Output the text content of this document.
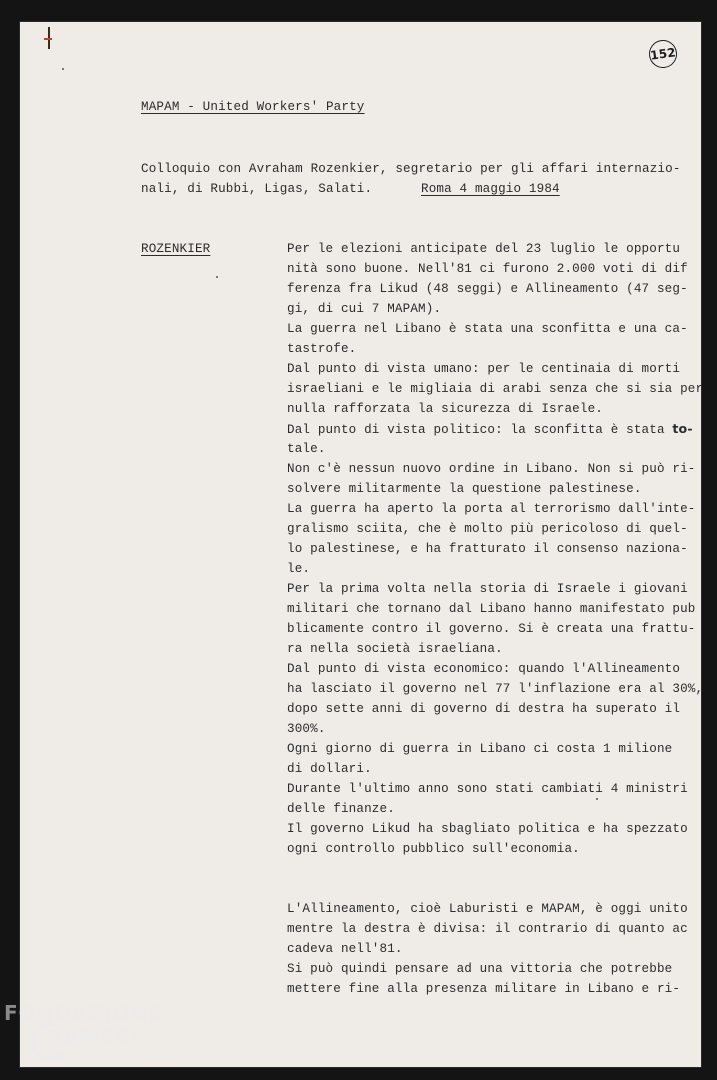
152
MAPAM - United Workers' Party
Colloquio con Avraham Rozenkier, segretario per gli affari internazio-
nali, di Rubbi, Ligas, Salati.	Roma 4 maggio 1984
ROZENKIER	Per le elezioni anticipate del 23 luglio le opportu
nità sono buone. Nell'81 ci furono 2.000 voti di dif
ferenza fra Likud (48 seggi) e Allineamento (47 seg-
gi, di cui 7 MAPAM).
La guerra nel Libano è stata una sconfitta e una ca-
tastrofe.
Dal punto di vista umano: per le centinaia di morti
israeliani e le migliaia di arabi senza che si sia per
nulla rafforzata la sicurezza di Israele.
Dal punto di vista politico: la sconfitta è stata to-
tale.
Non c'è nessun nuovo ordine in Libano. Non si può ri-
solvere militarmente la questione palestinese.
La guerra ha aperto la porta al terrorismo dall'inte-
gralismo sciita, che è molto più pericoloso di quel-
lo palestinese, e ha fratturato il consenso naziona-
le.
Per la prima volta nella storia di Israele i giovani
militari che tornano dal Libano hanno manifestato pub
blicamente contro il governo. Si è creata una frattu-
ra nella società israeliana.
Dal punto di vista economico: quando l'Allineamento
ha lasciato il governo nel 77 l'inflazione era al 30%,
dopo sette anni di governo di destra ha superato il
300%.
Ogni giorno di guerra in Libano ci costa 1 milione
di dollari.
Durante l'ultimo anno sono stati cambiati 4 ministri
delle finanze.
Il governo Likud ha sbagliato politica e ha spezzato
ogni controllo pubblico sull'economia.
L'Allineamento, cioè Laburisti e MAPAM, è oggi unito
mentre la destra è divisa: il contrario di quanto ac
cadeva nell'81.
Si può quindi pensare ad una vittoria che potrebbe
mettere fine alla presenza militare in Libano e ri-
FONDAZIONE
RAMSCI
onlus
